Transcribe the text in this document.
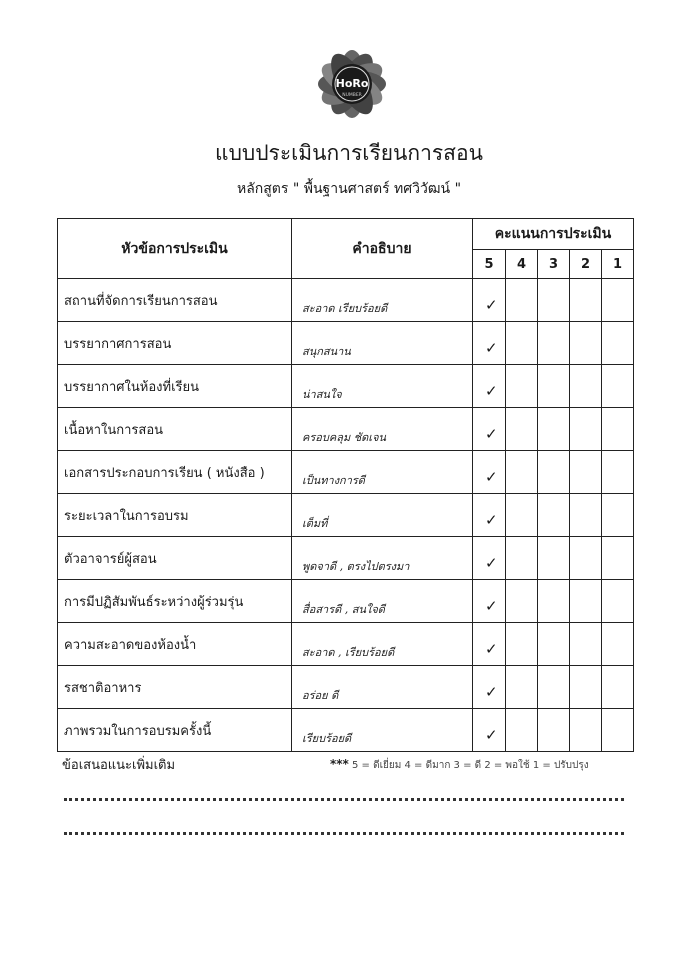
HoRo
NUMBER
แบบประเมินการเรียนการสอน
หลักสูตร " พื้นฐานศาสตร์ ทศวิวัฒน์ "
หัวข้อการประเมิน	คำอธิบาย	คะแนนการประเมิน				
		5	4	3	2	1
สถานที่จัดการเรียนการสอน	สะอาด เรียบร้อยดี	✓				

บรรยากาศการสอน	สนุกสนาน	✓				

บรรยากาศในห้องที่เรียน	น่าสนใจ	✓				

เนื้อหาในการสอน	ครอบคลุม ชัดเจน	✓				

เอกสารประกอบการเรียน ( หนังสือ )	เป็นทางการดี	✓				

ระยะเวลาในการอบรม	เต็มที่	✓				

ตัวอาจารย์ผู้สอน	พูดจาดี , ตรงไปตรงมา	✓				

การมีปฏิสัมพันธ์ระหว่างผู้ร่วมรุ่น	สื่อสารดี , สนใจดี	✓				

ความสะอาดของห้องน้ำ	สะอาด , เรียบร้อยดี	✓				

รสชาติอาหาร	อร่อย ดี	✓				

ภาพรวมในการอบรมครั้งนี้	เรียบร้อยดี	✓				

ข้อเสนอแนะเพิ่มเติม	*** 5 = ดีเยี่ยม 4 = ดีมาก 3 = ดี 2 = พอใช้ 1 = ปรับปรุง
